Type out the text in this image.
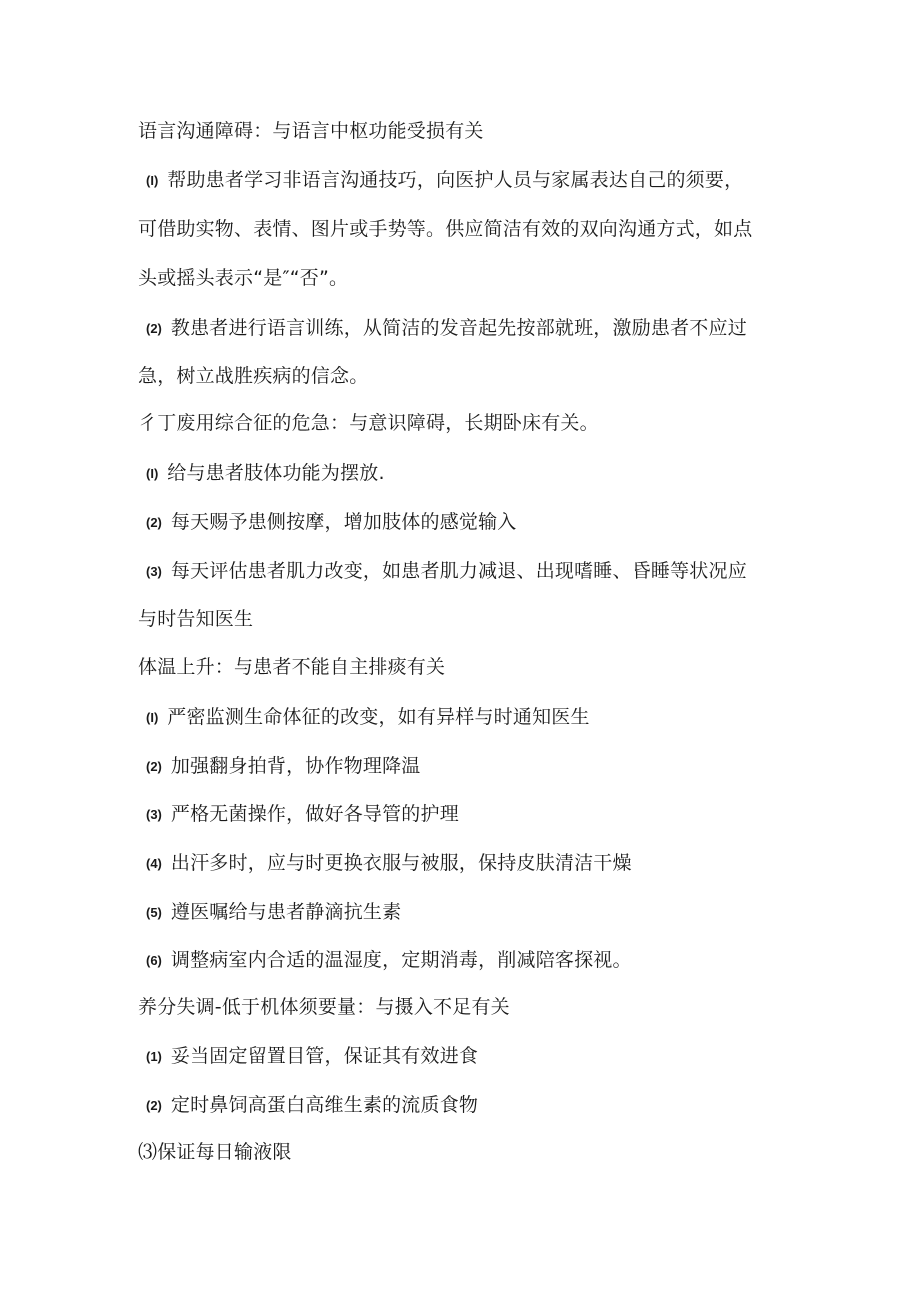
语言沟通障碍：与语言中枢功能受损有关
(I) 帮助患者学习非语言沟通技巧，向医护人员与家属表达自己的须要，
可借助实物、表情、图片或手势等。供应简洁有效的双向沟通方式，如点
头或摇头表示“是″“否”。
(2) 教患者进行语言训练，从简洁的发音起先按部就班，激励患者不应过
急，树立战胜疾病的信念。
彳丁废用综合征的危急：与意识障碍，长期卧床有关。
(I) 给与患者肢体功能为摆放.
(2) 每天赐予患侧按摩，增加肢体的感觉输入
(3) 每天评估患者肌力改变，如患者肌力减退、出现嗜睡、昏睡等状况应
与时告知医生
体温上升：与患者不能自主排痰有关
(I) 严密监测生命体征的改变，如有异样与时通知医生
(2) 加强翻身拍背，协作物理降温
(3) 严格无菌操作，做好各导管的护理
(4) 出汗多时，应与时更换衣服与被服，保持皮肤清洁干燥
(5) 遵医嘱给与患者静滴抗生素
(6) 调整病室内合适的温湿度，定期消毒，削减陪客探视。
养分失调-低于机体须要量：与摄入不足有关
(1) 妥当固定留置目管，保证其有效进食
(2) 定时鼻饲高蛋白高维生素的流质食物
⑶保证每日输液限
